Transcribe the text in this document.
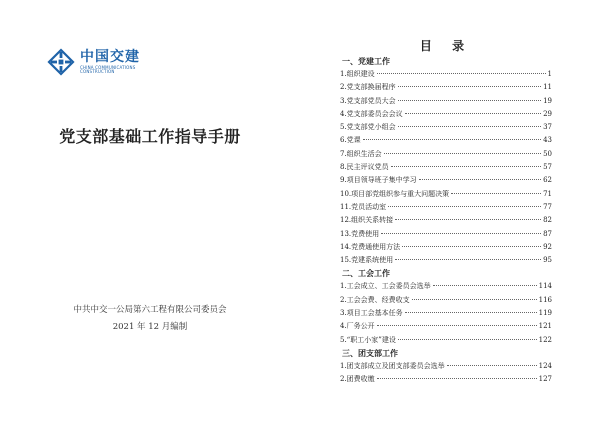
中国交建
CHINA COMMUNICATIONS CONSTRUCTION
党支部基础工作指导手册
中共中交一公局第六工程有限公司委员会
2021 年 12 月编制
目 录
一、党建工作
1.组织建设	1
2.党支部换届程序	11
3.党支部党员大会	19
4.党支部委员会会议	29
5.党支部党小组会	37
6.党课	43
7.组织生活会	50
8.民主评议党员	57
9.项目领导班子集中学习	62
10.项目部党组织参与重大问题决策	71
11.党员活动室	77
12.组织关系转接	82
13.党费使用	87
14.党费通使用方法	92
15.党建系统使用	95
二、工会工作
1.工会成立、工会委员会选举	114
2.工会会费、经费收支	116
3.项目工会基本任务	119
4.厂务公开	121
5.“职工小家”建设	122
三、团支部工作
1.团支部成立及团支部委员会选举	124
2.团费收缴	127
